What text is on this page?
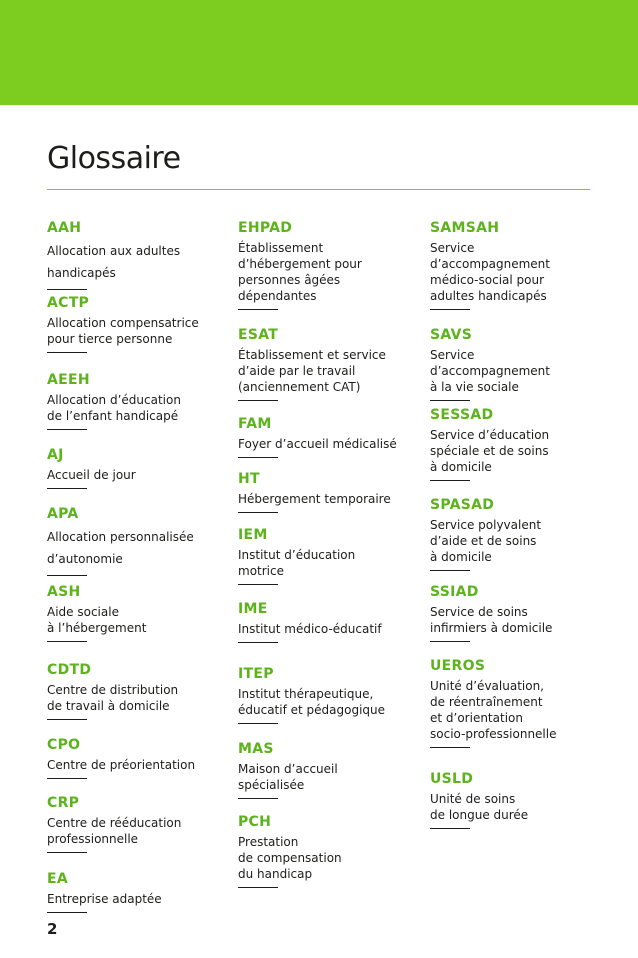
Glossaire
AAH
Allocation aux adultes
handicapés
ACTP
Allocation compensatrice
pour tierce personne
AEEH
Allocation d’éducation
de l’enfant handicapé
AJ
Accueil de jour
APA
Allocation personnalisée
d’autonomie
ASH
Aide sociale
à l’hébergement
CDTD
Centre de distribution
de travail à domicile
CPO
Centre de préorientation
CRP
Centre de rééducation
professionnelle
EA
Entreprise adaptée
EHPAD
Établissement
d’hébergement pour
personnes âgées
dépendantes
ESAT
Établissement et service
d’aide par le travail
(anciennement CAT)
FAM
Foyer d’accueil médicalisé
HT
Hébergement temporaire
IEM
Institut d’éducation
motrice
IME
Institut médico-éducatif
ITEP
Institut thérapeutique,
éducatif et pédagogique
MAS
Maison d’accueil
spécialisée
PCH
Prestation
de compensation
du handicap
SAMSAH
Service
d’accompagnement
médico-social pour
adultes handicapés
SAVS
Service
d’accompagnement
à la vie sociale
SESSAD
Service d’éducation
spéciale et de soins
à domicile
SPASAD
Service polyvalent
d’aide et de soins
à domicile
SSIAD
Service de soins
infirmiers à domicile
UEROS
Unité d’évaluation,
de réentraînement
et d’orientation
socio-professionnelle
USLD
Unité de soins
de longue durée
2
